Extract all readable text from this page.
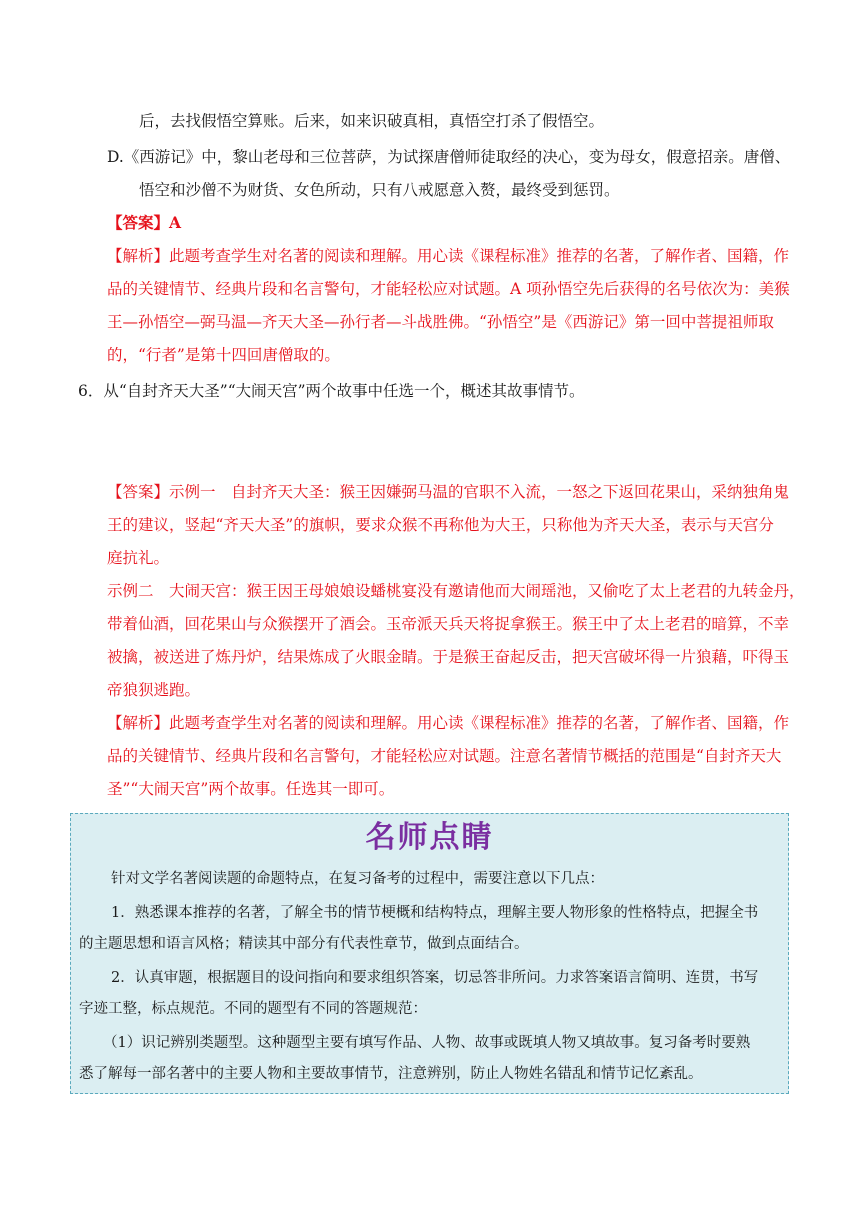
后，去找假悟空算账。后来，如来识破真相，真悟空打杀了假悟空。
D.《西游记》中，黎山老母和三位菩萨，为试探唐僧师徒取经的决心，变为母女，假意招亲。唐僧、
悟空和沙僧不为财货、女色所动，只有八戒愿意入赘，最终受到惩罚。
【答案】A
【解析】此题考查学生对名著的阅读和理解。用心读《课程标准》推荐的名著，了解作者、国籍，作
品的关键情节、经典片段和名言警句，才能轻松应对试题。A 项孙悟空先后获得的名号依次为：美猴
王—孙悟空—弼马温—齐天大圣—孙行者—斗战胜佛。“孙悟空”是《西游记》第一回中菩提祖师取
的，“行者”是第十四回唐僧取的。
6．从“自封齐天大圣”“大闹天宫”两个故事中任选一个，概述其故事情节。
【答案】示例一　自封齐天大圣：猴王因嫌弼马温的官职不入流，一怒之下返回花果山，采纳独角鬼
王的建议，竖起“齐天大圣”的旗帜，要求众猴不再称他为大王，只称他为齐天大圣，表示与天宫分
庭抗礼。
示例二　大闹天宫：猴王因王母娘娘设蟠桃宴没有邀请他而大闹瑶池，又偷吃了太上老君的九转金丹，
带着仙酒，回花果山与众猴摆开了酒会。玉帝派天兵天将捉拿猴王。猴王中了太上老君的暗算，不幸
被擒，被送进了炼丹炉，结果炼成了火眼金睛。于是猴王奋起反击，把天宫破坏得一片狼藉，吓得玉
帝狼狈逃跑。
【解析】此题考查学生对名著的阅读和理解。用心读《课程标准》推荐的名著，了解作者、国籍，作
品的关键情节、经典片段和名言警句，才能轻松应对试题。注意名著情节概括的范围是“自封齐天大
圣”“大闹天宫”两个故事。任选其一即可。
名师点睛
针对文学名著阅读题的命题特点，在复习备考的过程中，需要注意以下几点：
1．熟悉课本推荐的名著，了解全书的情节梗概和结构特点，理解主要人物形象的性格特点，把握全书
的主题思想和语言风格；精读其中部分有代表性章节，做到点面结合。
2．认真审题，根据题目的设问指向和要求组织答案，切忌答非所问。力求答案语言简明、连贯，书写
字迹工整，标点规范。不同的题型有不同的答题规范：
（1）识记辨别类题型。这种题型主要有填写作品、人物、故事或既填人物又填故事。复习备考时要熟
悉了解每一部名著中的主要人物和主要故事情节，注意辨别，防止人物姓名错乱和情节记忆紊乱。
